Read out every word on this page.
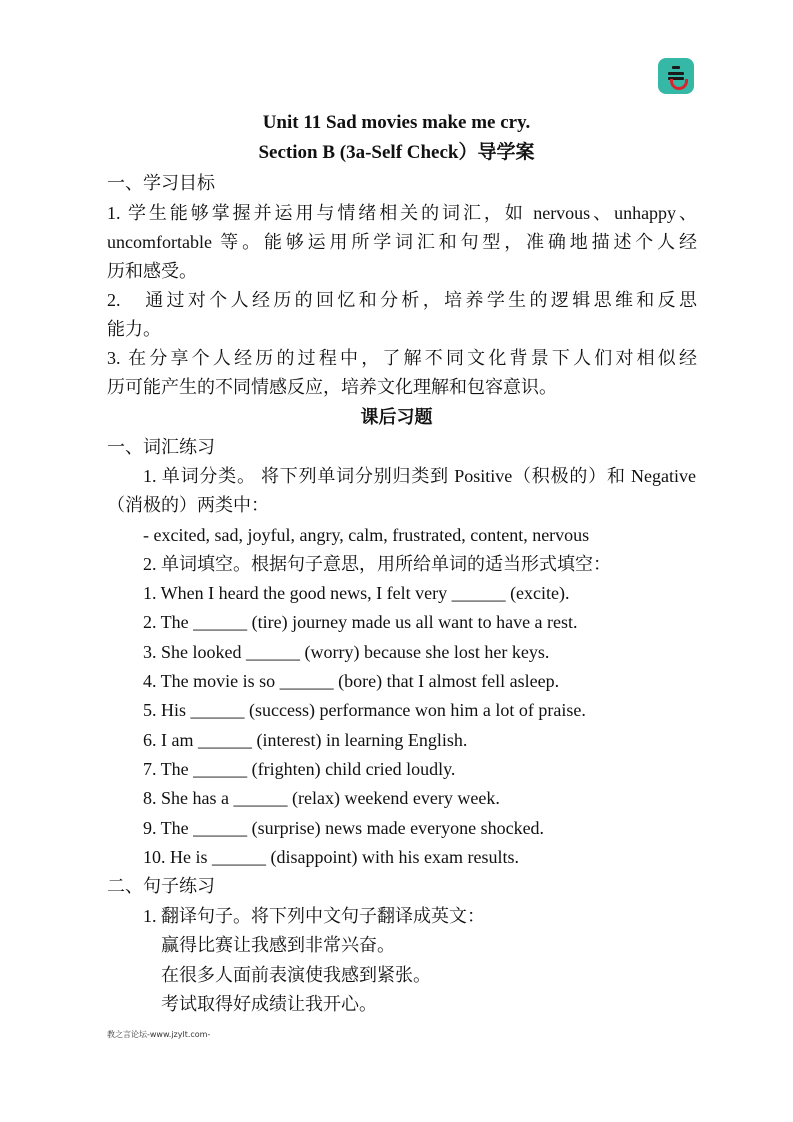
Unit 11 Sad movies make me cry.
Section B (3a-Self Check）导学案
一、学习目标
1. 学生能够掌握并运用与情绪相关的词汇，如 nervous、unhappy、
uncomfortable 等。能够运用所学词汇和句型，准确地描述个人经
历和感受。
2.　通过对个人经历的回忆和分析，培养学生的逻辑思维和反思
能力。
3. 在分享个人经历的过程中，了解不同文化背景下人们对相似经
历可能产生的不同情感反应，培养文化理解和包容意识。
课后习题
一、词汇练习
1. 单词分类。 将下列单词分别归类到 Positive（积极的）和 Negative
（消极的）两类中：
- excited, sad, joyful, angry, calm, frustrated, content, nervous
2. 单词填空。根据句子意思，用所给单词的适当形式填空：
1. When I heard the good news, I felt very ______ (excite).
2. The ______ (tire) journey made us all want to have a rest.
3. She looked ______ (worry) because she lost her keys.
4. The movie is so ______ (bore) that I almost fell asleep.
5. His ______ (success) performance won him a lot of praise.
6. I am ______ (interest) in learning English.
7. The ______ (frighten) child cried loudly.
8. She has a ______ (relax) weekend every week.
9. The ______ (surprise) news made everyone shocked.
10. He is ______ (disappoint) with his exam results.
二、句子练习
1. 翻译句子。将下列中文句子翻译成英文：
赢得比赛让我感到非常兴奋。
在很多人面前表演使我感到紧张。
考试取得好成绩让我开心。
教之言论坛-www.jzylt.com-
